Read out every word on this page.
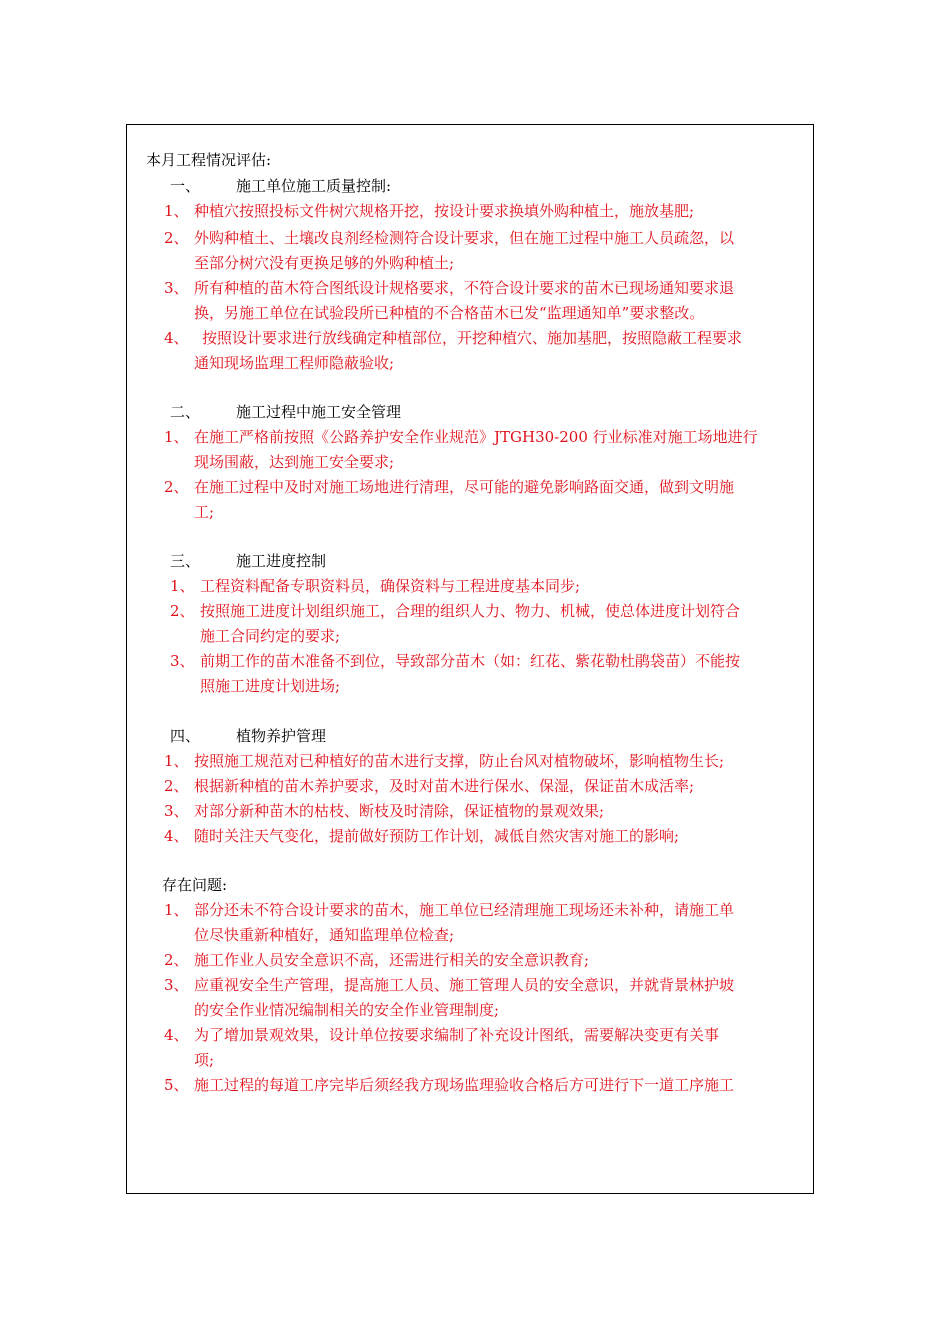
本月工程情况评估:
一、 施工单位施工质量控制:
1、 种植穴按照投标文件树穴规格开挖，按设计要求换填外购种植土，施放基肥;
2、 外购种植土、土壤改良剂经检测符合设计要求，但在施工过程中施工人员疏忽，以
至部分树穴没有更换足够的外购种植土;
3、 所有种植的苗木符合图纸设计规格要求，不符合设计要求的苗木已现场通知要求退
换，另施工单位在试验段所已种植的不合格苗木已发“监理通知单”要求整改。
4、 按照设计要求进行放线确定种植部位，开挖种植穴、施加基肥，按照隐蔽工程要求
通知现场监理工程师隐蔽验收;
二、 施工过程中施工安全管理
1、 在施工严格前按照《公路养护安全作业规范》JTGH30-200 行业标准对施工场地进行
现场围蔽，达到施工安全要求;
2、 在施工过程中及时对施工场地进行清理，尽可能的避免影响路面交通，做到文明施
工;
三、 施工进度控制
1、 工程资料配备专职资料员，确保资料与工程进度基本同步;
2、 按照施工进度计划组织施工，合理的组织人力、物力、机械，使总体进度计划符合
施工合同约定的要求;
3、 前期工作的苗木准备不到位，导致部分苗木（如：红花、紫花勒杜鹃袋苗）不能按
照施工进度计划进场;
四、 植物养护管理
1、 按照施工规范对已种植好的苗木进行支撑，防止台风对植物破坏，影响植物生长;
2、 根据新种植的苗木养护要求，及时对苗木进行保水、保湿，保证苗木成活率;
3、 对部分新种苗木的枯枝、断枝及时清除，保证植物的景观效果;
4、 随时关注天气变化，提前做好预防工作计划，减低自然灾害对施工的影响;
存在问题:
1、 部分还未不符合设计要求的苗木，施工单位已经清理施工现场还未补种，请施工单
位尽快重新种植好，通知监理单位检查;
2、 施工作业人员安全意识不高，还需进行相关的安全意识教育;
3、 应重视安全生产管理，提高施工人员、施工管理人员的安全意识，并就背景林护坡
的安全作业情况编制相关的安全作业管理制度;
4、 为了增加景观效果，设计单位按要求编制了补充设计图纸，需要解决变更有关事
项;
5、 施工过程的每道工序完毕后须经我方现场监理验收合格后方可进行下一道工序施工
